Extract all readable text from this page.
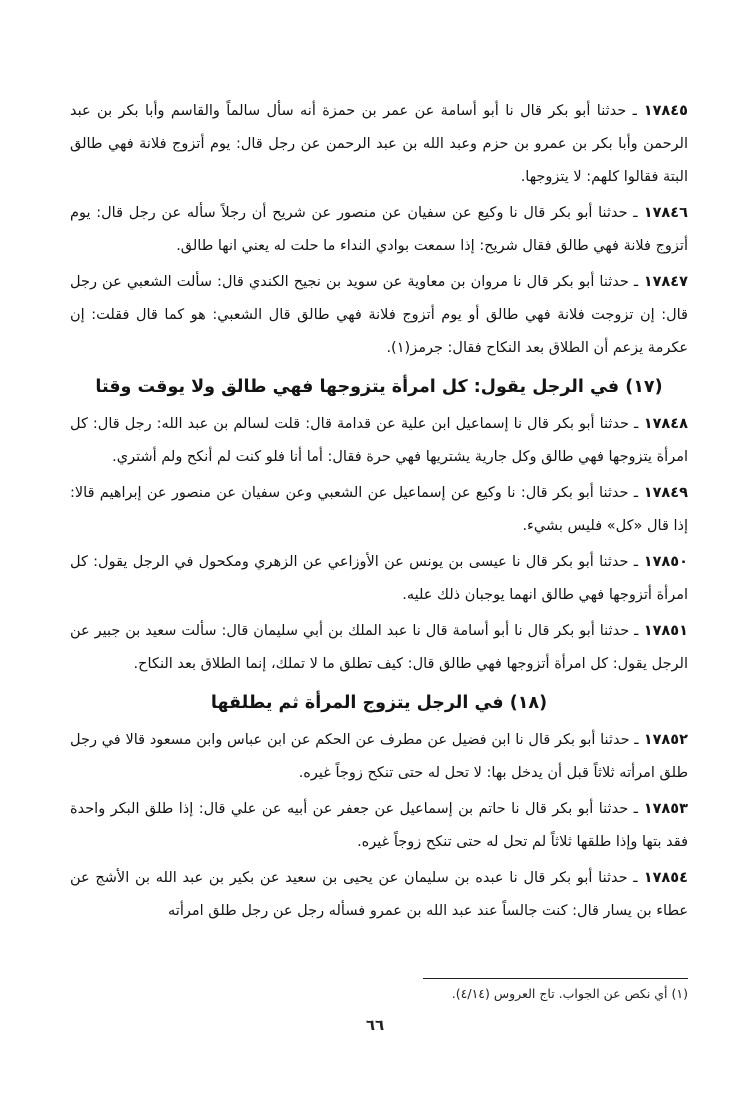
١٧٨٤٥ ـ حدثنا أبو بكر قال نا أبو أسامة عن عمر بن حمزة أنه سأل سالماً والقاسم وأبا بكر بن عبد الرحمن وأبا بكر بن عمرو بن حزم وعبد الله بن عبد الرحمن عن رجل قال: يوم أتزوج فلانة فهي طالق البتة فقالوا كلهم: لا يتزوجها.

١٧٨٤٦ ـ حدثنا أبو بكر قال نا وكيع عن سفيان عن منصور عن شريح أن رجلاً سأله عن رجل قال: يوم أتزوج فلانة فهي طالق فقال شريح: إذا سمعت بوادي النداء ما حلت له يعني انها طالق.

١٧٨٤٧ ـ حدثنا أبو بكر قال نا مروان بن معاوية عن سويد بن نجيح الكندي قال: سألت الشعبي عن رجل قال: إن تزوجت فلانة فهي طالق أو يوم أتزوج فلانة فهي طالق قال الشعبي: هو كما قال فقلت: إن عكرمة يزعم أن الطلاق بعد النكاح فقال: جرمز(١).

(١٧) في الرجل يقول: كل امرأة يتزوجها فهي طالق ولا يوقت وقتا

١٧٨٤٨ ـ حدثنا أبو بكر قال نا إسماعيل ابن علية عن قدامة قال: قلت لسالم بن عبد الله: رجل قال: كل امرأة يتزوجها فهي طالق وكل جارية يشتريها فهي حرة فقال: أما أنا فلو كنت لم أنكح ولم أشتري.

١٧٨٤٩ ـ حدثنا أبو بكر قال: نا وكيع عن إسماعيل عن الشعبي وعن سفيان عن منصور عن إبراهيم قالا: إذا قال «كل» فليس بشيء.

١٧٨٥٠ ـ حدثنا أبو بكر قال نا عيسى بن يونس عن الأوزاعي عن الزهري ومكحول في الرجل يقول: كل امرأة أتزوجها فهي طالق انهما يوجبان ذلك عليه.

١٧٨٥١ ـ حدثنا أبو بكر قال نا أبو أسامة قال نا عبد الملك بن أبي سليمان قال: سألت سعيد بن جبير عن الرجل يقول: كل امرأة أتزوجها فهي طالق قال: كيف تطلق ما لا تملك، إنما الطلاق بعد النكاح.

(١٨) في الرجل يتزوج المرأة ثم يطلقها

١٧٨٥٢ ـ حدثنا أبو بكر قال نا ابن فضيل عن مطرف عن الحكم عن ابن عباس وابن مسعود قالا في رجل طلق امرأته ثلاثاً قبل أن يدخل بها: لا تحل له حتى تنكح زوجاً غيره.

١٧٨٥٣ ـ حدثنا أبو بكر قال نا حاتم بن إسماعيل عن جعفر عن أبيه عن علي قال: إذا طلق البكر واحدة فقد بتها وإذا طلقها ثلاثاً لم تحل له حتى تنكح زوجاً غيره.

١٧٨٥٤ ـ حدثنا أبو بكر قال نا عبده بن سليمان عن يحيى بن سعيد عن بكير بن عبد الله بن الأشج عن عطاء بن يسار قال: كنت جالساً عند عبد الله بن عمرو فسأله رجل عن رجل طلق امرأته

(١) أي نكص عن الجواب. تاج العروس (٤/١٤).
٦٦
